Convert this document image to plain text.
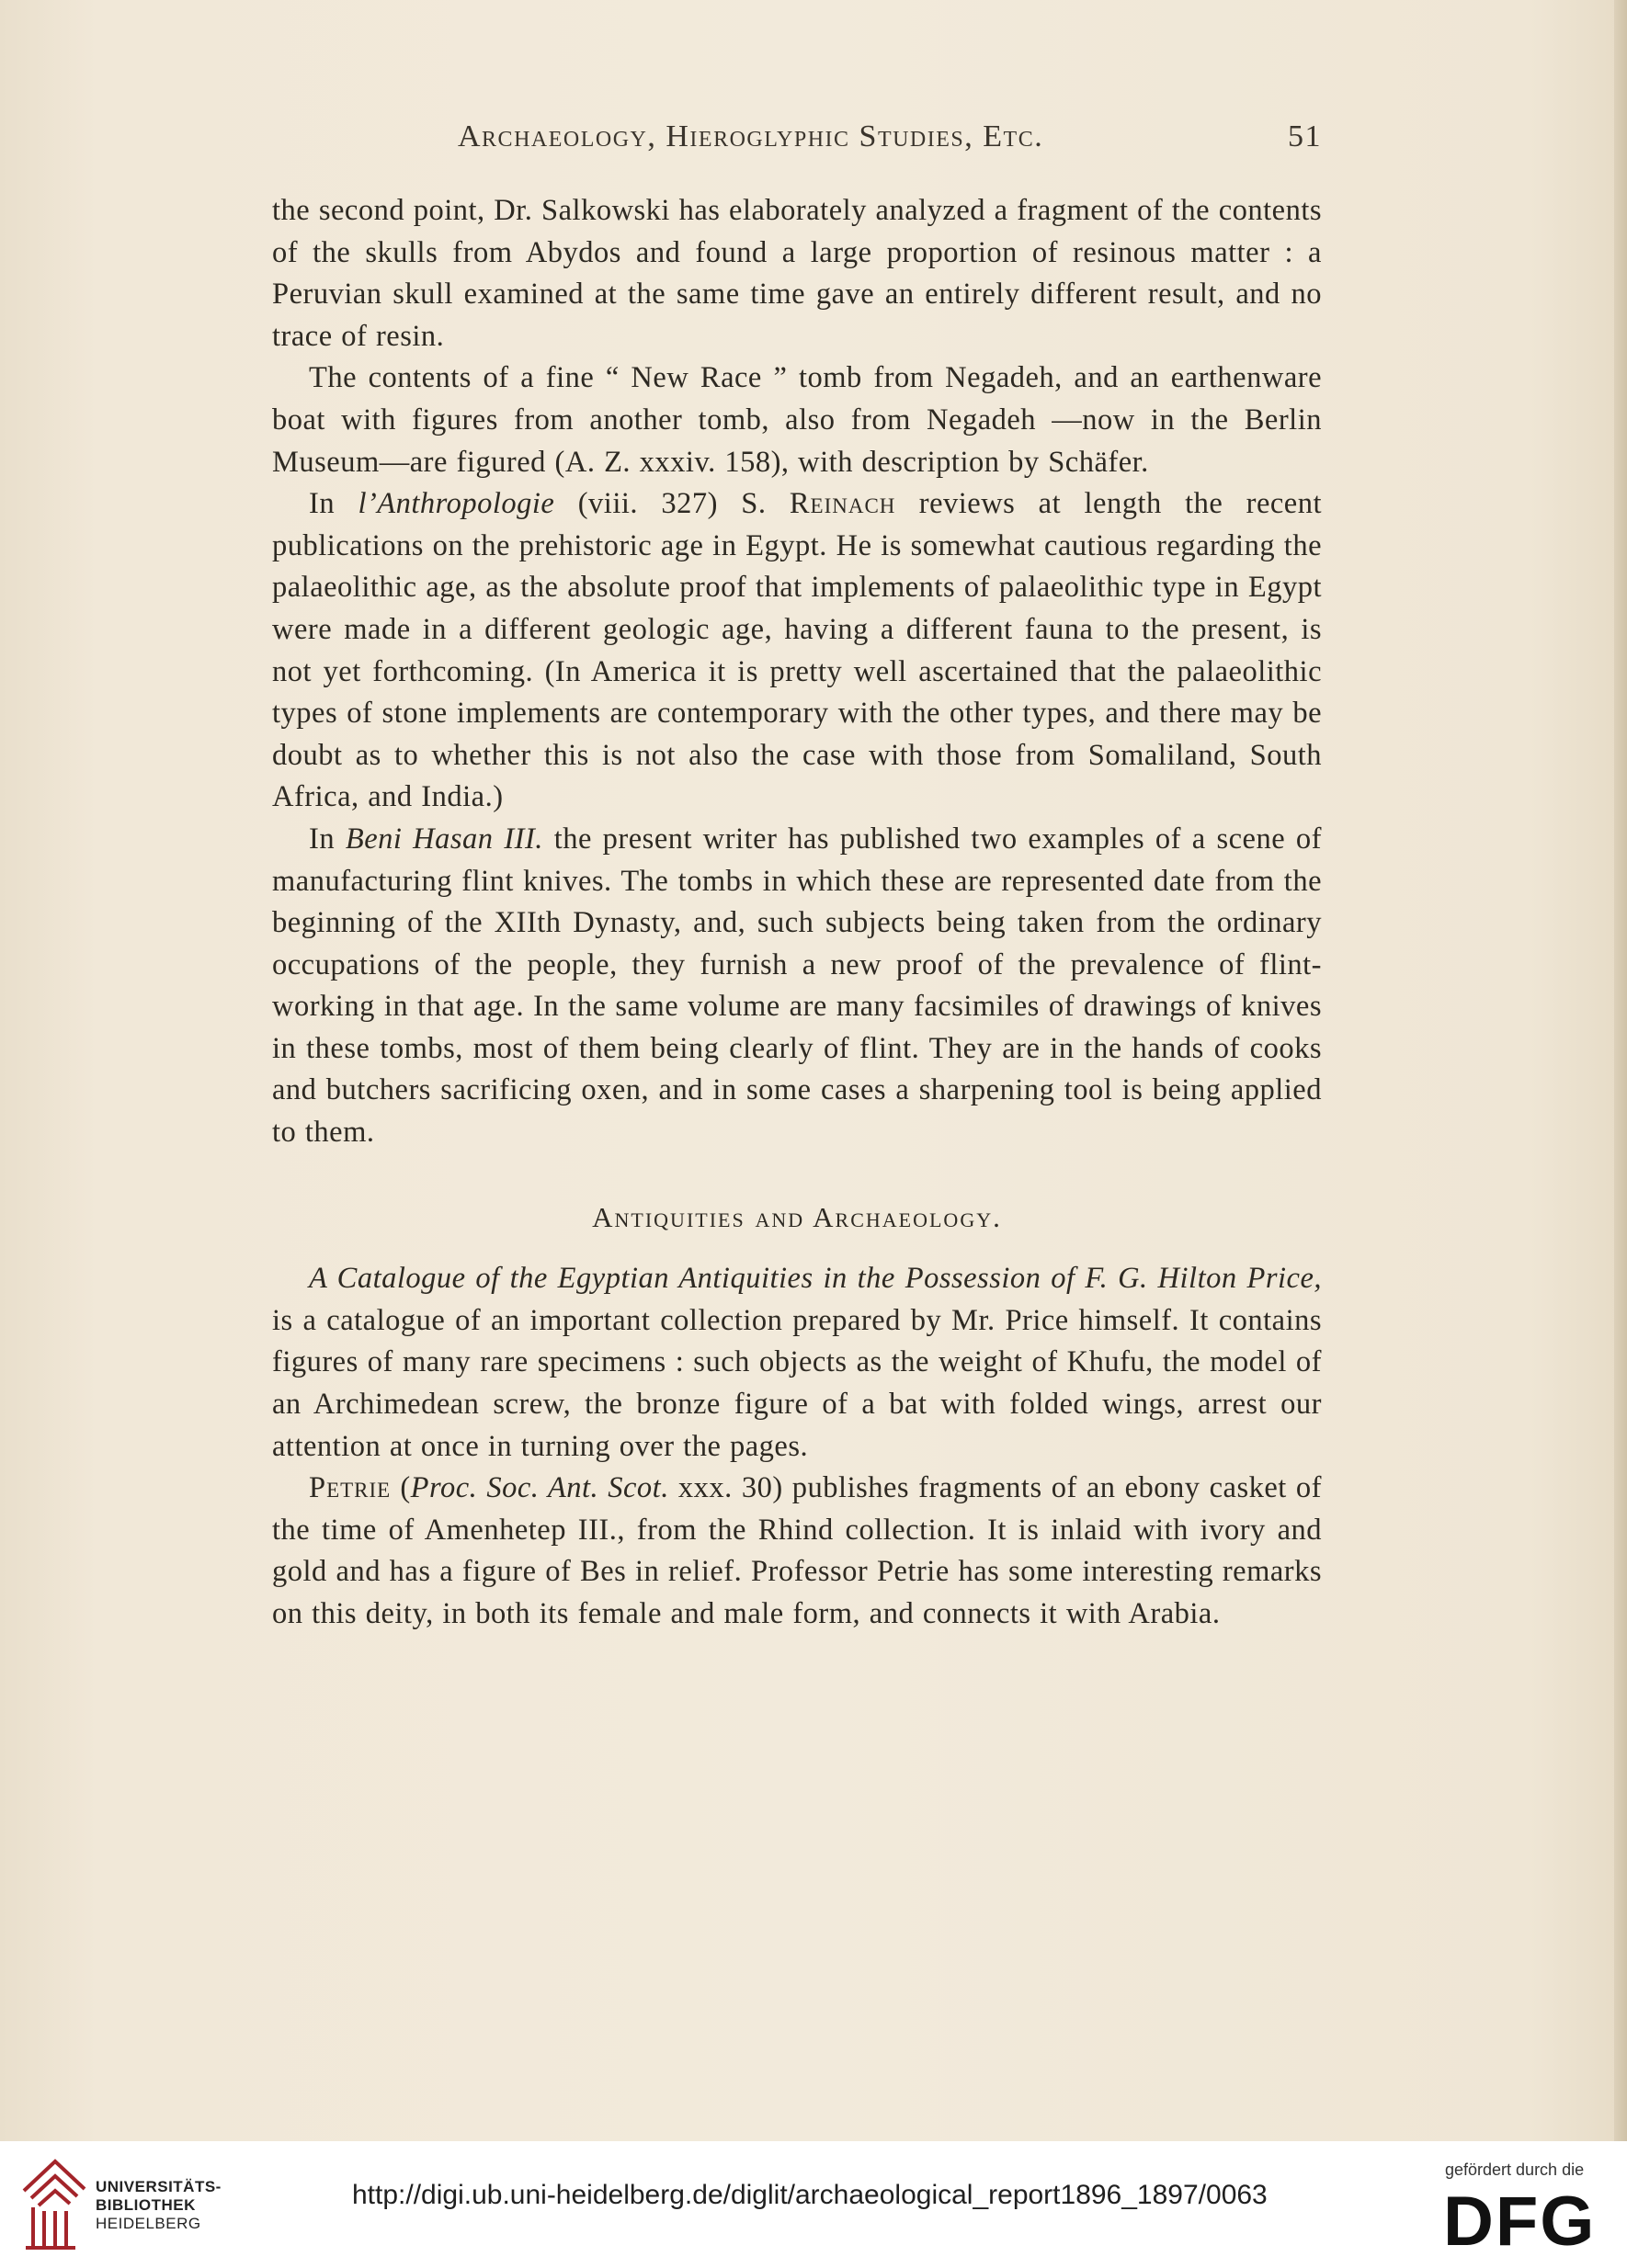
Archaeology, Hieroglyphic Studies, Etc.	51

the second point, Dr. Salkowski has elaborately analyzed a fragment of the contents of the skulls from Abydos and found a large proportion of resinous matter : a Peruvian skull examined at the same time gave an entirely different result, and no trace of resin.

The contents of a fine “ New Race ” tomb from Negadeh, and an earthenware boat with figures from another tomb, also from Negadeh —now in the Berlin Museum—are figured (A. Z. xxxiv. 158), with description by Schäfer.

In l’Anthropologie (viii. 327) S. Reinach reviews at length the recent publications on the prehistoric age in Egypt. He is somewhat cautious regarding the palaeolithic age, as the absolute proof that implements of palaeolithic type in Egypt were made in a different geologic age, having a different fauna to the present, is not yet forthcoming. (In America it is pretty well ascertained that the palaeolithic types of stone implements are contemporary with the other types, and there may be doubt as to whether this is not also the case with those from Somaliland, South Africa, and India.)

In Beni Hasan III. the present writer has published two examples of a scene of manufacturing flint knives. The tombs in which these are represented date from the beginning of the XIIth Dynasty, and, such subjects being taken from the ordinary occupations of the people, they furnish a new proof of the prevalence of flint-working in that age. In the same volume are many facsimiles of drawings of knives in these tombs, most of them being clearly of flint. They are in the hands of cooks and butchers sacrificing oxen, and in some cases a sharpening tool is being applied to them.

Antiquities and Archaeology.

A Catalogue of the Egyptian Antiquities in the Possession of F. G. Hilton Price, is a catalogue of an important collection prepared by Mr. Price himself. It contains figures of many rare specimens : such objects as the weight of Khufu, the model of an Archimedean screw, the bronze figure of a bat with folded wings, arrest our attention at once in turning over the pages.

Petrie (Proc. Soc. Ant. Scot. xxx. 30) publishes fragments of an ebony casket of the time of Amenhetep III., from the Rhind collection. It is inlaid with ivory and gold and has a figure of Bes in relief. Professor Petrie has some interesting remarks on this deity, in both its female and male form, and connects it with Arabia.

UNIVERSITÄTS-
BIBLIOTHEK
HEIDELBERG
http://digi.ub.uni-heidelberg.de/diglit/archaeological_report1896_1897/0063
gefördert durch die
DFG
